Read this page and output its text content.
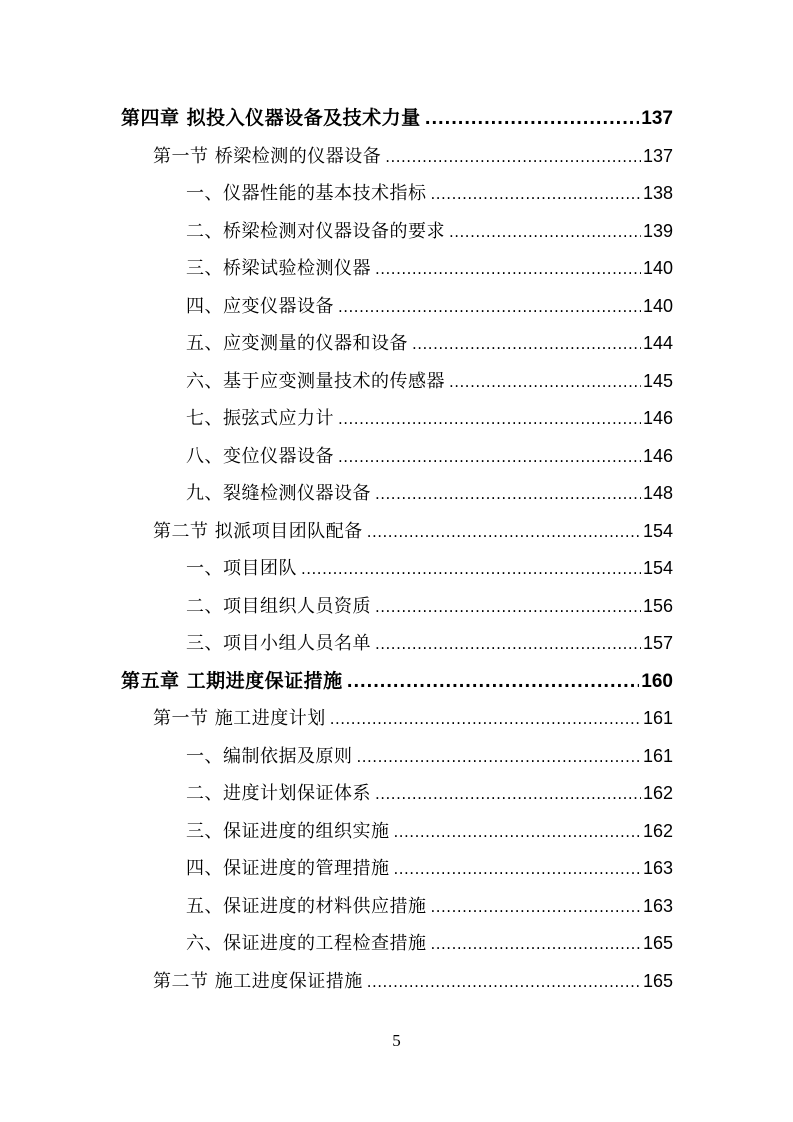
第四章 拟投入仪器设备及技术力量 .....	137
第一节 桥梁检测的仪器设备 .....	137
一、仪器性能的基本技术指标 .....	138
二、桥梁检测对仪器设备的要求 .....	139
三、桥梁试验检测仪器 .....	140
四、应变仪器设备 .....	140
五、应变测量的仪器和设备 .....	144
六、基于应变测量技术的传感器 .....	145
七、振弦式应力计 .....	146
八、变位仪器设备 .....	146
九、裂缝检测仪器设备 .....	148
第二节 拟派项目团队配备 .....	154
一、项目团队 .....	154
二、项目组织人员资质 .....	156
三、项目小组人员名单 .....	157
第五章 工期进度保证措施 .....	160
第一节 施工进度计划 .....	161
一、编制依据及原则 .....	161
二、进度计划保证体系 .....	162
三、保证进度的组织实施 .....	162
四、保证进度的管理措施 .....	163
五、保证进度的材料供应措施 .....	163
六、保证进度的工程检查措施 .....	165
第二节 施工进度保证措施 .....	165
5
